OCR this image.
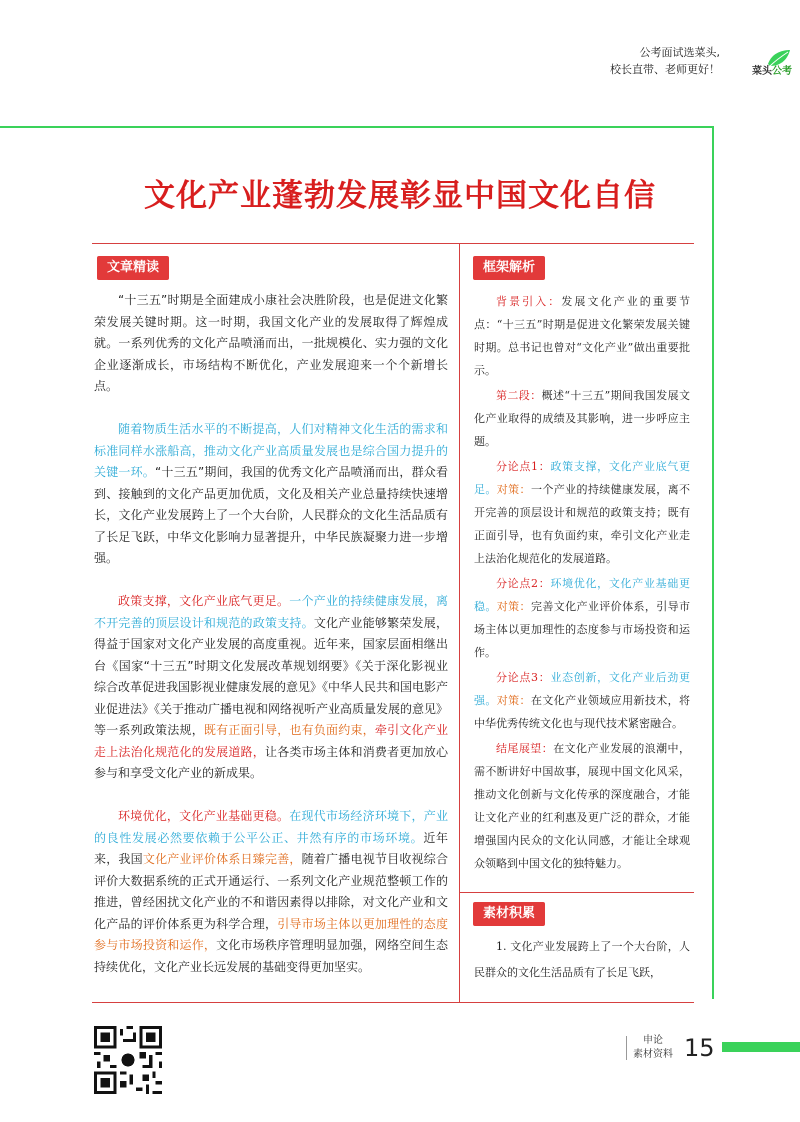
公考面试选菜头,
校长直带、老师更好！	菜头公考
文化产业蓬勃发展彰显中国文化自信
文章精读	框架解析
素材积累

“十三五”时期是全面建成小康社会决胜阶段，也是促进文化繁荣发展关键时期。这一时期，我国文化产业的发展取得了辉煌成就。一系列优秀的文化产品喷涌而出，一批规模化、实力强的文化企业逐渐成长，市场结构不断优化，产业发展迎来一个个新增长点。

随着物质生活水平的不断提高，人们对精神文化生活的需求和标准同样水涨船高，推动文化产业高质量发展也是综合国力提升的关键一环。“十三五”期间，我国的优秀文化产品喷涌而出，群众看到、接触到的文化产品更加优质，文化及相关产业总量持续快速增长，文化产业发展跨上了一个大台阶，人民群众的文化生活品质有了长足飞跃，中华文化影响力显著提升，中华民族凝聚力进一步增强。

政策支撑，文化产业底气更足。一个产业的持续健康发展，离不开完善的顶层设计和规范的政策支持。文化产业能够繁荣发展，得益于国家对文化产业发展的高度重视。近年来，国家层面相继出台《国家“十三五”时期文化发展改革规划纲要》《关于深化影视业综合改革促进我国影视业健康发展的意见》《中华人民共和国电影产业促进法》《关于推动广播电视和网络视听产业高质量发展的意见》等一系列政策法规，既有正面引导，也有负面约束，牵引文化产业走上法治化规范化的发展道路，让各类市场主体和消费者更加放心参与和享受文化产业的新成果。

环境优化，文化产业基础更稳。在现代市场经济环境下，产业的良性发展必然要依赖于公平公正、井然有序的市场环境。近年来，我国文化产业评价体系日臻完善，随着广播电视节目收视综合评价大数据系统的正式开通运行、一系列文化产业规范整顿工作的推进，曾经困扰文化产业的不和谐因素得以排除，对文化产业和文化产品的评价体系更为科学合理，引导市场主体以更加理性的态度参与市场投资和运作，文化市场秩序管理明显加强，网络空间生态持续优化，文化产业长远发展的基础变得更加坚实。

背景引入：发展文化产业的重要节点：“十三五”时期是促进文化繁荣发展关键时期。总书记也曾对“文化产业”做出重要批示。

第二段：概述“十三五”期间我国发展文化产业取得的成绩及其影响，进一步呼应主题。

分论点1：政策支撑，文化产业底气更足。对策：一个产业的持续健康发展，离不开完善的顶层设计和规范的政策支持；既有正面引导，也有负面约束，牵引文化产业走上法治化规范化的发展道路。

分论点2：环境优化，文化产业基础更稳。对策：完善文化产业评价体系，引导市场主体以更加理性的态度参与市场投资和运作。

分论点3：业态创新，文化产业后劲更强。对策：在文化产业领域应用新技术，将中华优秀传统文化也与现代技术紧密融合。

结尾展望：在文化产业发展的浪潮中，需不断讲好中国故事，展现中国文化风采，推动文化创新与文化传承的深度融合，才能让文化产业的红利惠及更广泛的群众，才能增强国内民众的文化认同感，才能让全球观众领略到中国文化的独特魅力。

1. 文化产业发展跨上了一个大台阶，人民群众的文化生活品质有了长足飞跃，

申论
素材资料 15
